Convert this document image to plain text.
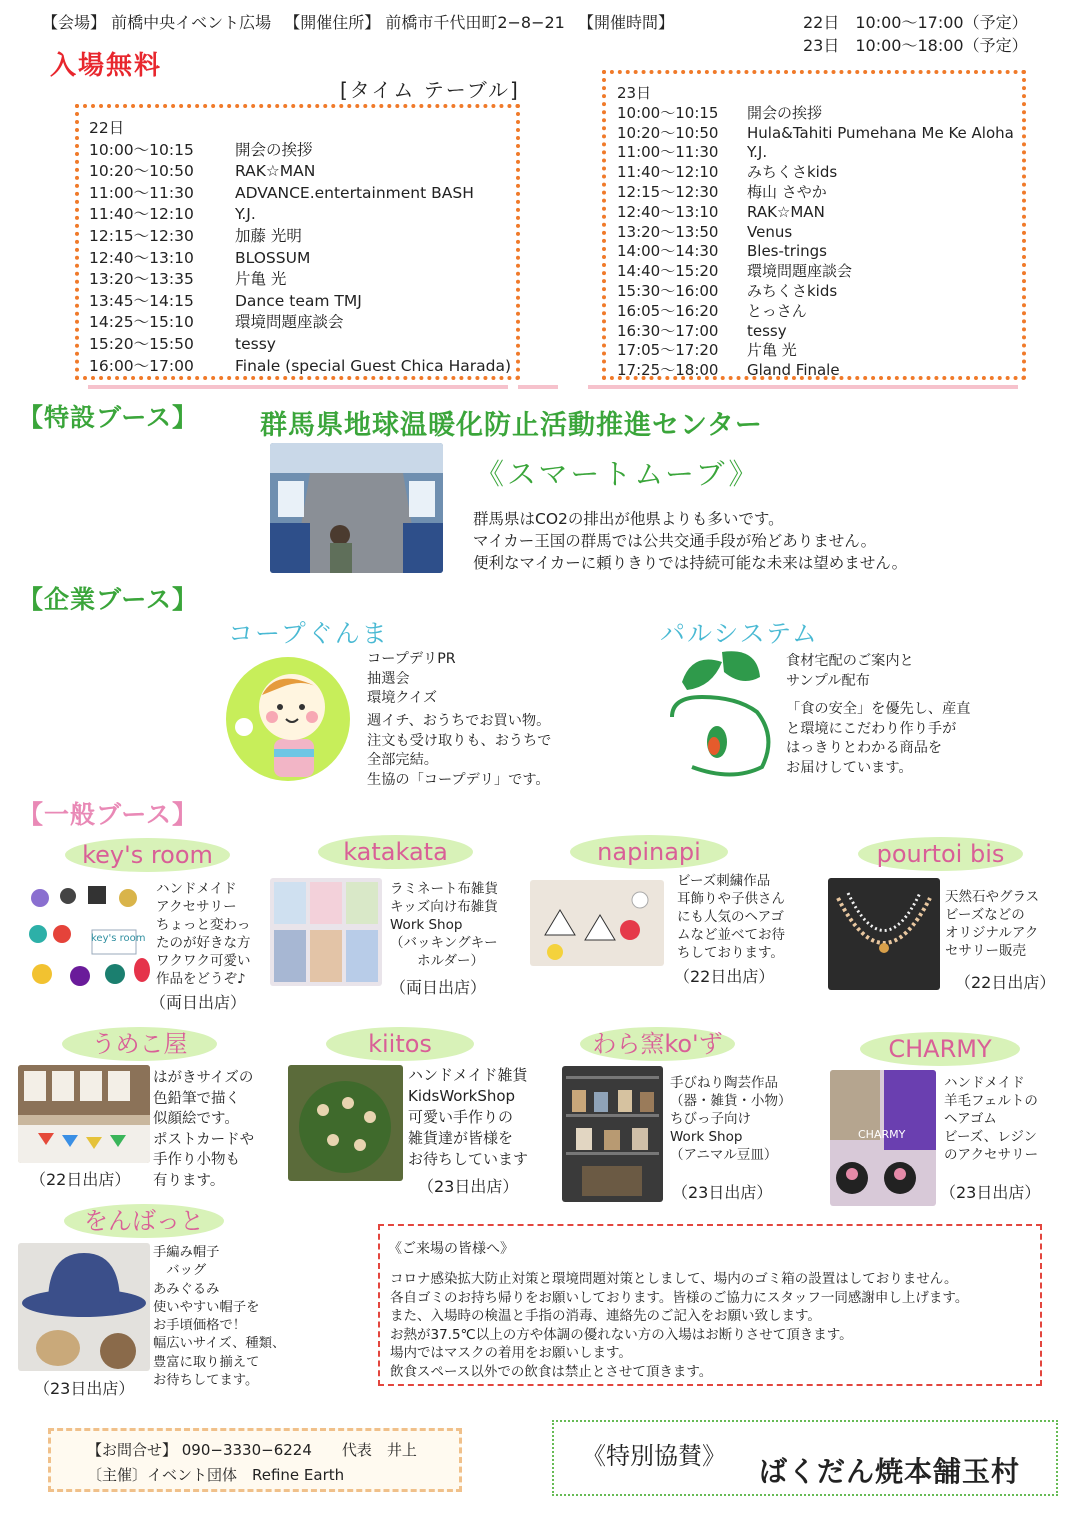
【会場】 前橋中央イベント広場 【開催住所】 前橋市千代田町2−8−21 【開催時間】	22日　10:00〜17:00（予定）
23日　10:00〜18:00（予定）
入場無料
[タイム テーブル]
22日
10:00〜10:15	開会の挨拶
10:20〜10:50	RAK☆MAN
11:00〜11:30	ADVANCE.entertainment BASH
11:40〜12:10	Y.J.
12:15〜12:30	加藤 光明
12:40〜13:10	BLOSSUM
13:20〜13:35	片亀 光
13:45〜14:15	Dance team TMJ
14:25〜15:10	環境問題座談会
15:20〜15:50	tessy
16:00〜17:00	Finale (special Guest Chica Harada)
23日
10:00〜10:15	開会の挨拶
10:20〜10:50	Hula&Tahiti Pumehana Me Ke Aloha
11:00〜11:30	Y.J.
11:40〜12:10	みちくさkids
12:15〜12:30	梅山 さやか
12:40〜13:10	RAK☆MAN
13:20〜13:50	Venus
14:00〜14:30	Bles-trings
14:40〜15:20	環境問題座談会
15:30〜16:00	みちくさkids
16:05〜16:20	とっさん
16:30〜17:00	tessy
17:05〜17:20	片亀 光
17:25〜18:00	Gland Finale
【特設ブース】 群馬県地球温暖化防止活動推進センター
《スマートムーブ》
群馬県はCO2の排出が他県よりも多いです。
マイカー王国の群馬では公共交通手段が殆どありません。
便利なマイカーに頼りきりでは持続可能な未来は望めません。
【企業ブース】
コープぐんま
コープデリPR
抽選会
環境クイズ
週イチ、おうちでお買い物。
注文も受け取りも、おうちで
全部完結。
生協の「コープデリ」です。
パルシステム
食材宅配のご案内と
サンプル配布
「食の安全」を優先し、産直
と環境にこだわり作り手が
はっきりとわかる商品を
お届けしています。
【一般ブース】
key's room
key's room
ハンドメイド
アクセサリー
ちょっと変わっ
たのが好きな方
ワクワク可愛い
作品をどうぞ♪
（両日出店）
katakata
ラミネート布雑貨
キッズ向け布雑貨
Work Shop
（バッキングキー
　　ホルダー）
（両日出店）
napinapi
ビーズ刺繍作品
耳飾りや子供さん
にも人気のヘアゴ
ムなど並べてお待
ちしております。
（22日出店）
pourtoi bis
天然石やグラス
ビーズなどの
オリジナルアク
セサリー販売
（22日出店）
うめこ屋
はがきサイズの
色鉛筆で描く
似顔絵です。
ポストカードや
手作り小物も
有ります。
（22日出店）
kiitos
ハンドメイド雑貨
KidsWorkShop
可愛い手作りの
雑貨達が皆様を
お待ちしています
（23日出店）
わら窯ko'ず
手びねり陶芸作品
（器・雑貨・小物）
ちびっ子向け
Work Shop
（アニマル豆皿）
（23日出店）
CHARMY
CHARMY
ハンドメイド
羊毛フェルトの
ヘアゴム
ビーズ、レジン
のアクセサリー
（23日出店）
をんばっと
手編み帽子
　バッグ
あみぐるみ
使いやすい帽子を
お手頃価格で！
幅広いサイズ、種類、
豊富に取り揃えて
お待ちしてます。
（23日出店）
《ご来場の皆様へ》
コロナ感染拡大防止対策と環境問題対策としまして、場内のゴミ箱の設置はしておりません。
各自ゴミのお持ち帰りをお願いしております。皆様のご協力にスタッフ一同感謝申し上げます。
また、入場時の検温と手指の消毒、連絡先のご記入をお願い致します。
お熱が37.5℃以上の方や体調の優れない方の入場はお断りさせて頂きます。
場内ではマスクの着用をお願いします。
飲食スペース以外での飲食は禁止とさせて頂きます。
【お問合せ】 090−3330−6224　　代表　井上
〔主催〕イベント団体　Refine Earth
《特別協賛》 ばくだん焼本舗玉村
